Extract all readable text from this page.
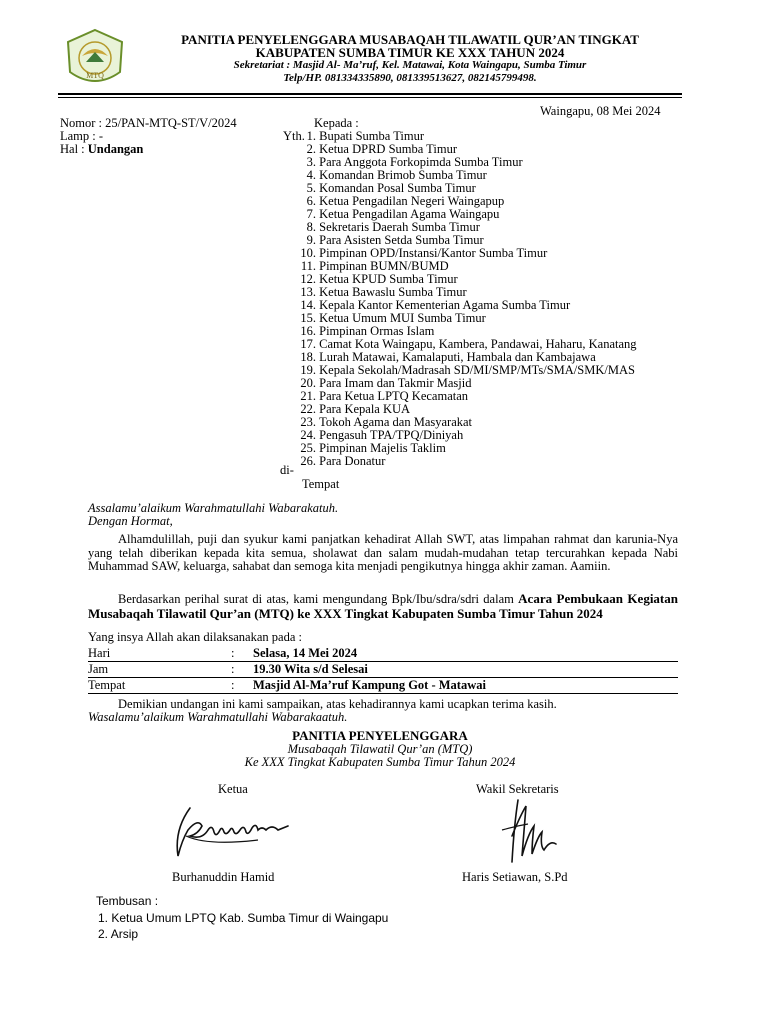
MTQ
PANITIA PENYELENGGARA MUSABAQAH TILAWATIL QUR’AN TINGKAT
KABUPATEN SUMBA TIMUR KE XXX TAHUN 2024
Sekretariat : Masjid Al- Ma’ruf, Kel. Matawai, Kota Waingapu, Sumba Timur
Telp/HP. 081334335890, 081339513627, 082145799498.
Waingapu, 08 Mei 2024
Nomor : 25/PAN-MTQ-ST/V/2024
Lamp : -
Hal : Undangan
Kepada :
Yth. 1. Bupati Sumba Timur
2. Ketua DPRD Sumba Timur
3. Para Anggota Forkopimda Sumba Timur
4. Komandan Brimob Sumba Timur
5. Komandan Posal Sumba Timur
6. Ketua Pengadilan Negeri Waingapup
7. Ketua Pengadilan Agama Waingapu
8. Sekretaris Daerah Sumba Timur
9. Para Asisten Setda Sumba Timur
10. Pimpinan OPD/Instansi/Kantor Sumba Timur
11. Pimpinan BUMN/BUMD
12. Ketua KPUD Sumba Timur
13. Ketua Bawaslu Sumba Timur
14. Kepala Kantor Kementerian Agama Sumba Timur
15. Ketua Umum MUI Sumba Timur
16. Pimpinan Ormas Islam
17. Camat Kota Waingapu, Kambera, Pandawai, Haharu, Kanatang
18. Lurah Matawai, Kamalaputi, Hambala dan Kambajawa
19. Kepala Sekolah/Madrasah SD/MI/SMP/MTs/SMA/SMK/MAS
20. Para Imam dan Takmir Masjid
21. Para Ketua LPTQ Kecamatan
22. Para Kepala KUA
23. Tokoh Agama dan Masyarakat
24. Pengasuh TPA/TPQ/Diniyah
25. Pimpinan Majelis Taklim
26. Para Donatur
di-
Tempat
Assalamu’alaikum Warahmatullahi Wabarakatuh.
Dengan Hormat,
Alhamdulillah, puji dan syukur kami panjatkan kehadirat Allah SWT, atas limpahan rahmat dan karunia-Nya yang telah diberikan kepada kita semua, sholawat dan salam mudah-mudahan tetap tercurahkan kepada Nabi Muhammad SAW, keluarga, sahabat dan semoga kita menjadi pengikutnya hingga akhir zaman. Aamiin.
Berdasarkan perihal surat di atas, kami mengundang Bpk/Ibu/sdra/sdri dalam Acara Pembukaan Kegiatan Musabaqah Tilawatil Qur’an (MTQ) ke XXX Tingkat Kabupaten Sumba Timur Tahun 2024
Yang insya Allah akan dilaksanakan pada :
Hari	: Selasa, 14 Mei 2024
Jam	: 19.30 Wita s/d Selesai
Tempat	: Masjid Al-Ma’ruf Kampung Got - Matawai
Demikian undangan ini kami sampaikan, atas kehadirannya kami ucapkan terima kasih.
Wasalamu’alaikum Warahmatullahi Wabarakaatuh.
PANITIA PENYELENGGARA
Musabaqah Tilawatil Qur’an (MTQ)
Ke XXX Tingkat Kabupaten Sumba Timur Tahun 2024
Ketua	Wakil Sekretaris
Burhanuddin Hamid	Haris Setiawan, S.Pd
Tembusan :
1. Ketua Umum LPTQ Kab. Sumba Timur di Waingapu
2. Arsip
